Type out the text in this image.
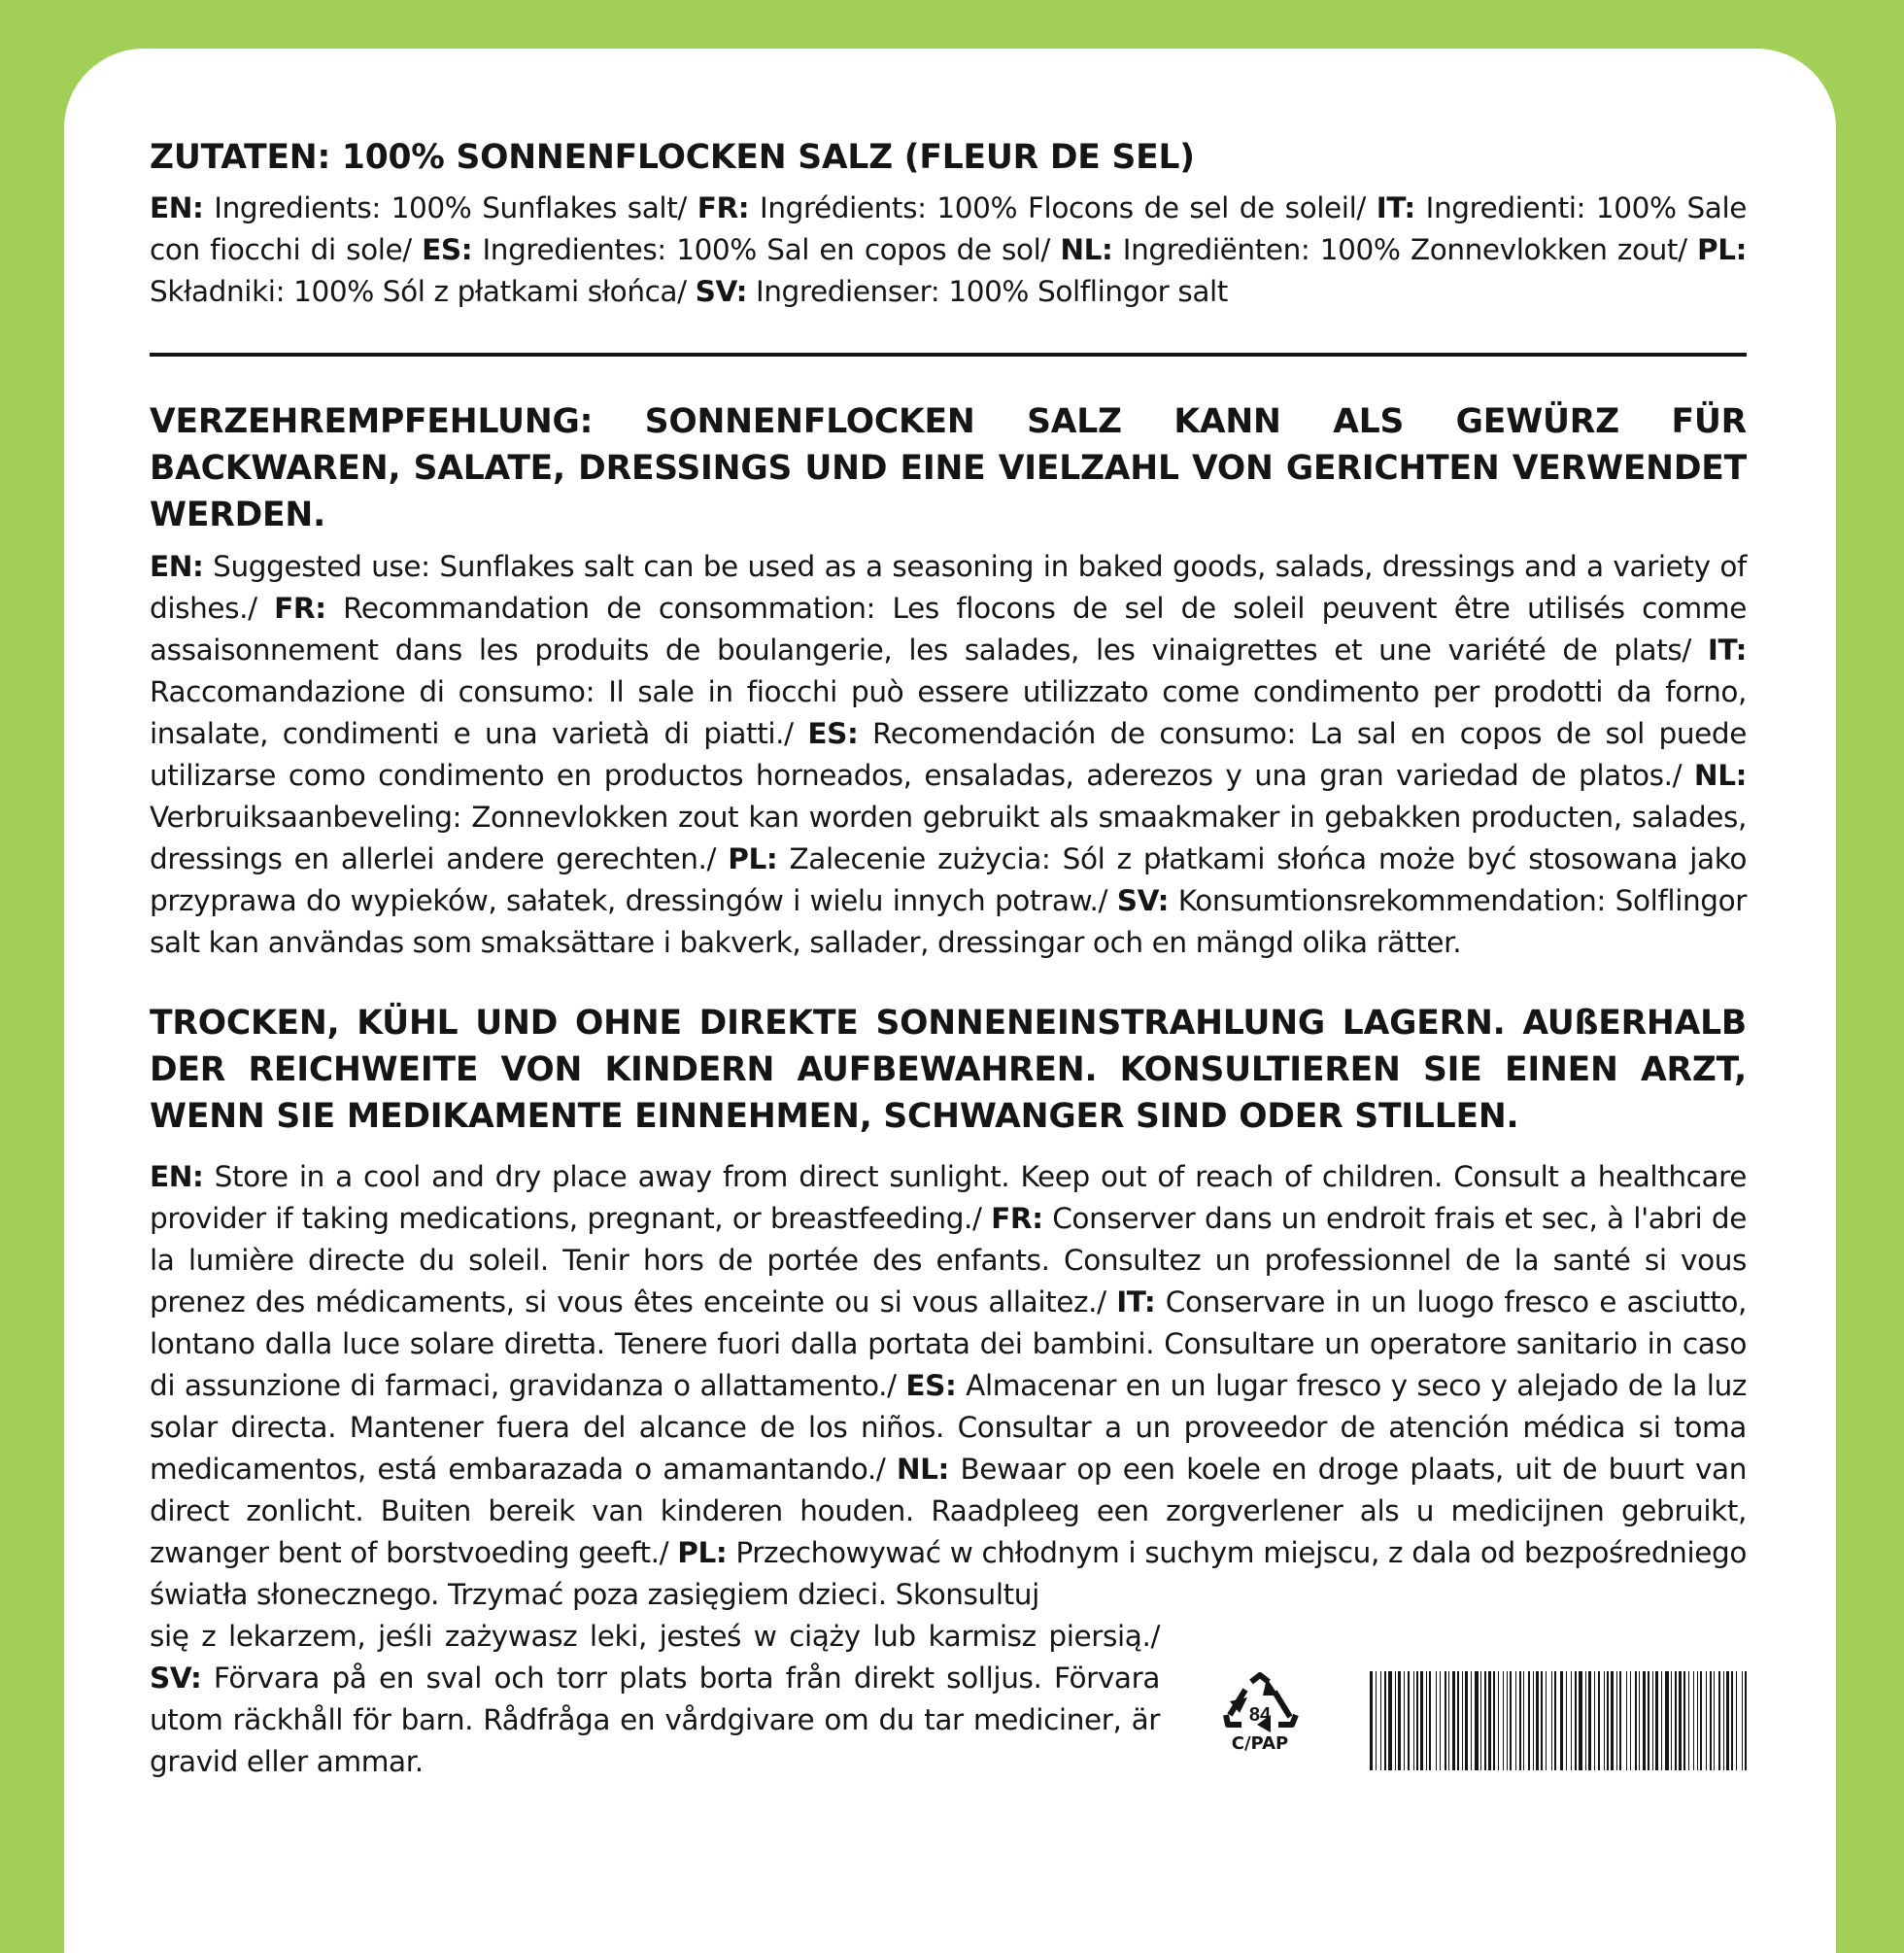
ZUTATEN: 100% SONNENFLOCKEN SALZ (FLEUR DE SEL)

EN: Ingredients: 100% Sunflakes salt/ FR: Ingrédients: 100% Flocons de sel de soleil/ IT: Ingredienti: 100% Sale con fiocchi di sole/ ES: Ingredientes: 100% Sal en copos de sol/ NL: Ingrediënten: 100% Zonnevlokken zout/ PL: Składniki: 100% Sól z płatkami słońca/ SV: Ingredienser: 100% Solflingor salt

VERZEHREMPFEHLUNG: SONNENFLOCKEN SALZ KANN ALS GEWÜRZ FÜR BACKWAREN, SALATE, DRESSINGS UND EINE VIELZAHL VON GERICHTEN VERWENDET WERDEN.

EN: Suggested use: Sunflakes salt can be used as a seasoning in baked goods, salads, dressings and a variety of dishes./ FR: Recommandation de consommation: Les flocons de sel de soleil peuvent être utilisés comme assaisonnement dans les produits de boulangerie, les salades, les vinaigrettes et une variété de plats/ IT: Raccomandazione di consumo: Il sale in fiocchi può essere utilizzato come condimento per prodotti da forno, insalate, condimenti e una varietà di piatti./ ES: Recomendación de consumo: La sal en copos de sol puede utilizarse como condimento en productos horneados, ensaladas, aderezos y una gran variedad de platos./ NL: Verbruiksaanbeveling: Zonnevlokken zout kan worden gebruikt als smaakmaker in gebakken producten, salades, dressings en allerlei andere gerechten./ PL: Zalecenie zużycia: Sól z płatkami słońca może być stosowana jako przyprawa do wypieków, sałatek, dressingów i wielu innych potraw./ SV: Konsumtionsrekommendation: Solflingor salt kan användas som smaksättare i bakverk, sallader, dressingar och en mängd olika rätter.

TROCKEN, KÜHL UND OHNE DIREKTE SONNENEINSTRAHLUNG LAGERN. AUßERHALB DER REICHWEITE VON KINDERN AUFBEWAHREN. KONSULTIEREN SIE EINEN ARZT, WENN SIE MEDIKAMENTE EINNEHMEN, SCHWANGER SIND ODER STILLEN.

EN: Store in a cool and dry place away from direct sunlight. Keep out of reach of children. Consult a healthcare provider if taking medications, pregnant, or breastfeeding./ FR: Conserver dans un endroit frais et sec, à l'abri de la lumière directe du soleil. Tenir hors de portée des enfants. Consultez un professionnel de la santé si vous prenez des médicaments, si vous êtes enceinte ou si vous allaitez./ IT: Conservare in un luogo fresco e asciutto, lontano dalla luce solare diretta. Tenere fuori dalla portata dei bambini. Consultare un operatore sanitario in caso di assunzione di farmaci, gravidanza o allattamento./ ES: Almacenar en un lugar fresco y seco y alejado de la luz solar directa. Mantener fuera del alcance de los niños. Consultar a un proveedor de atención médica si toma medicamentos, está embarazada o amamantando./ NL: Bewaar op een koele en droge plaats, uit de buurt van direct zonlicht. Buiten bereik van kinderen houden. Raadpleeg een zorgverlener als u medicijnen gebruikt, zwanger bent of borstvoeding geeft./ PL: Przechowywać w chłodnym i suchym miejscu, z dala od bezpośredniego światła słonecznego. Trzymać poza zasięgiem dzieci. Skonsultuj

się z lekarzem, jeśli zażywasz leki, jesteś w ciąży lub karmisz piersią./ SV: Förvara på en sval och torr plats borta från direkt solljus. Förvara utom räckhåll för barn. Rådfråga en vårdgivare om du tar mediciner, är gravid eller ammar.

84
C/PAP
